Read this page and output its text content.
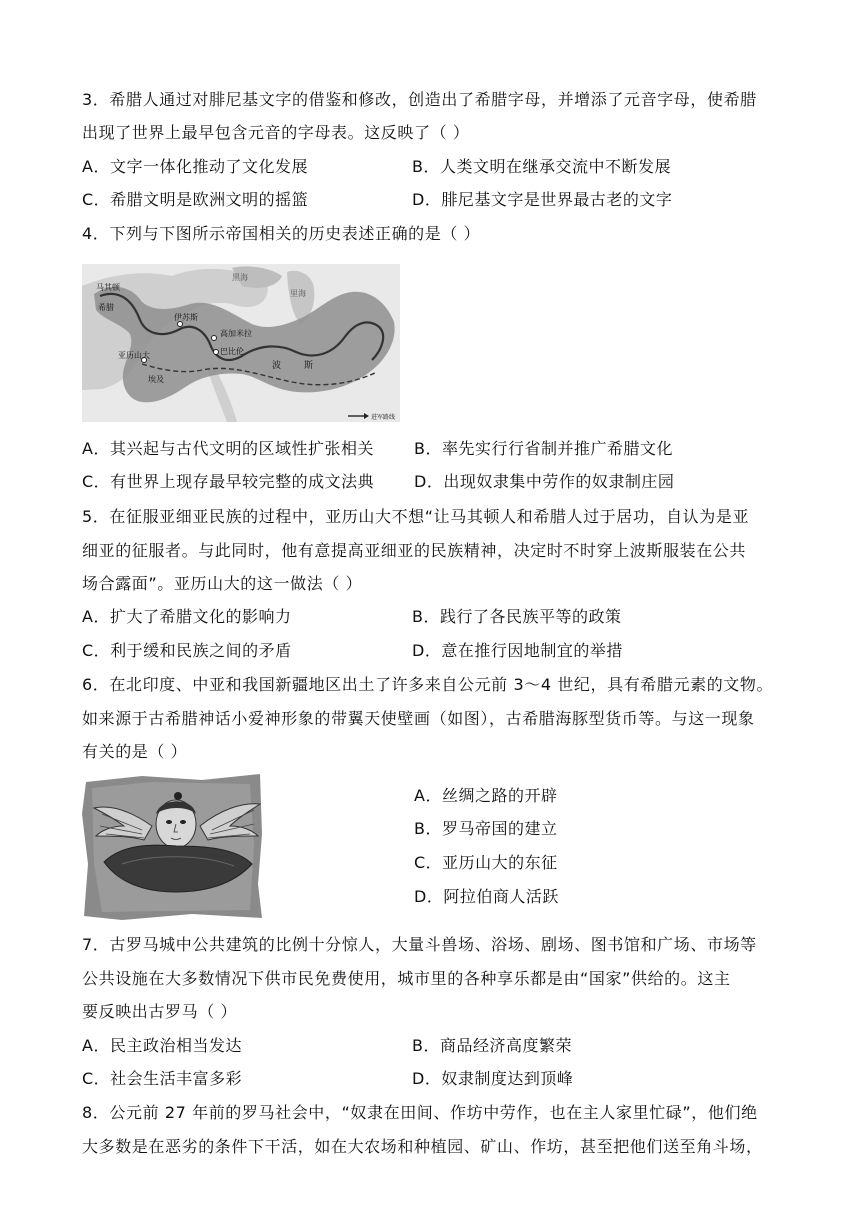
3．希腊人通过对腓尼基文字的借鉴和修改，创造出了希腊字母，并增添了元音字母，使希腊
出现了世界上最早包含元音的字母表。这反映了（ ）
A．文字一体化推动了文化发展	B．人类文明在继承交流中不断发展
C．希腊文明是欧洲文明的摇篮	D．腓尼基文字是世界最古老的文字
4．下列与下图所示帝国相关的历史表述正确的是（ ）
马其顿
希腊
伊苏斯
高加米拉
巴比伦
亚历山大
埃及
波	斯
黑海
里海
进军路线
A．其兴起与古代文明的区域性扩张相关	B．率先实行行省制并推广希腊文化
C．有世界上现存最早较完整的成文法典 D．出现奴隶集中劳作的奴隶制庄园
5．在征服亚细亚民族的过程中，亚历山大不想“让马其顿人和希腊人过于居功，自认为是亚
细亚的征服者。与此同时，他有意提高亚细亚的民族精神，决定时不时穿上波斯服装在公共
场合露面”。亚历山大的这一做法（ ）
A．扩大了希腊文化的影响力	B．践行了各民族平等的政策
C．利于缓和民族之间的矛盾	D．意在推行因地制宜的举措
6．在北印度、中亚和我国新疆地区出土了许多来自公元前 3～4 世纪，具有希腊元素的文物。
如来源于古希腊神话小爱神形象的带翼天使壁画（如图），古希腊海豚型货币等。与这一现象
有关的是（ ）
A．丝绸之路的开辟
B．罗马帝国的建立
C．亚历山大的东征
D．阿拉伯商人活跃
7．古罗马城中公共建筑的比例十分惊人，大量斗兽场、浴场、剧场、图书馆和广场、市场等
公共设施在大多数情况下供市民免费使用，城市里的各种享乐都是由“国家”供给的。这主
要反映出古罗马（ ）
A．民主政治相当发达	B．商品经济高度繁荣
C．社会生活丰富多彩	D．奴隶制度达到顶峰
8．公元前 27 年前的罗马社会中，“奴隶在田间、作坊中劳作，也在主人家里忙碌”，他们绝
大多数是在恶劣的条件下干活，如在大农场和种植园、矿山、作坊，甚至把他们送至角斗场，
